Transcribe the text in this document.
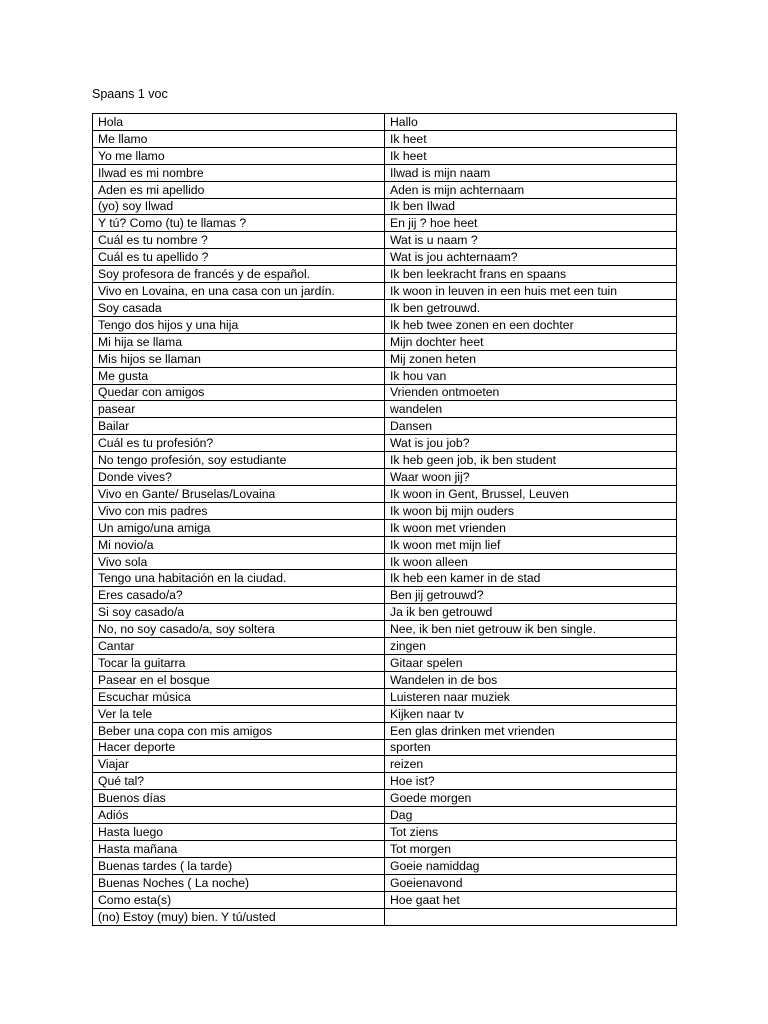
Spaans 1 voc
Hola	Hallo
Me llamo	Ik heet
Yo me llamo	Ik heet
Ilwad es mi nombre	Ilwad is mijn naam
Aden es mi apellido	Aden is mijn achternaam
(yo) soy Ilwad	Ik ben Ilwad
Y tú? Como (tu) te llamas ?	En jij ? hoe heet
Cuál es tu nombre ?	Wat is u naam ?
Cuál es tu apellido ?	Wat is jou achternaam?
Soy profesora de francés y de español.	Ik ben leekracht frans en spaans
Vivo en Lovaina, en una casa con un jardín.	Ik woon in leuven in een huis met een tuin
Soy casada	Ik ben getrouwd.
Tengo dos hijos y una hija	Ik heb twee zonen en een dochter
Mi hija se llama	Mijn dochter heet
Mis hijos se llaman	Mij zonen heten
Me gusta	Ik hou van
Quedar con amigos	Vrienden ontmoeten
pasear	wandelen
Bailar	Dansen
Cuál es tu profesión?	Wat is jou job?
No tengo profesión, soy estudiante	Ik heb geen job, ik ben student
Donde vives?	Waar woon jij?
Vivo en Gante/ Bruselas/Lovaina	Ik woon in Gent, Brussel, Leuven
Vivo con mis padres	Ik woon bij mijn ouders
Un amigo/una amiga	Ik woon met vrienden
Mi novio/a	Ik woon met mijn lief
Vivo sola	Ik woon alleen
Tengo una habitación en la ciudad.	Ik heb een kamer in de stad
Eres casado/a?	Ben jij getrouwd?
Si soy casado/a	Ja ik ben getrouwd
No, no soy casado/a, soy soltera	Nee, ik ben niet getrouw ik ben single.
Cantar	zingen
Tocar la guitarra	Gitaar spelen
Pasear en el bosque	Wandelen in de bos
Escuchar música	Luisteren naar muziek
Ver la tele	Kijken naar tv
Beber una copa con mis amigos	Een glas drinken met vrienden
Hacer deporte	sporten
Viajar	reizen
Qué tal?	Hoe ist?
Buenos días	Goede morgen
Adiós	Dag
Hasta luego	Tot ziens
Hasta mañana	Tot morgen
Buenas tardes ( la tarde)	Goeie namiddag
Buenas Noches ( La noche)	Goeienavond
Como esta(s)	Hoe gaat het
(no) Estoy (muy) bien. Y tú/usted	
